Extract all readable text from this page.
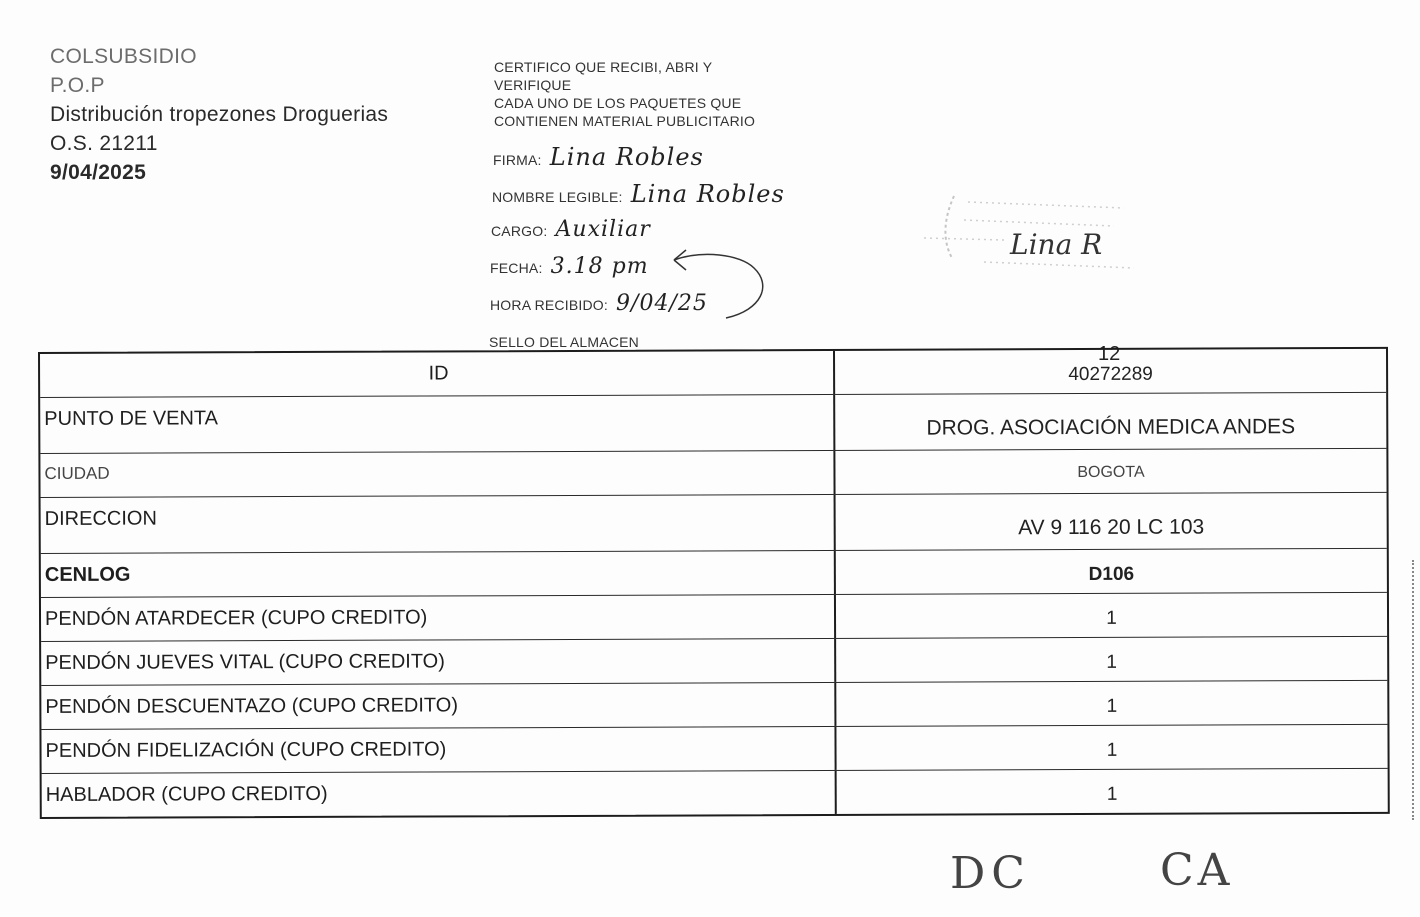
COLSUBSIDIO
P.O.P
Distribución tropezones Droguerias
O.S. 21211
9/04/2025
CERTIFICO QUE RECIBI, ABRI Y
VERIFIQUE
CADA UNO DE LOS PAQUETES QUE
CONTIENEN MATERIAL PUBLICITARIO
FIRMA: Lina Robles
NOMBRE LEGIBLE: Lina Robles
CARGO: Auxiliar
FECHA: 3.18 pm
HORA RECIBIDO: 9/04/25
SELLO DEL ALMACEN
Lina R
12
ID	40272289
PUNTO DE VENTA	DROG. ASOCIACIÓN MEDICA ANDES
CIUDAD	BOGOTA
DIRECCION	AV 9 116 20 LC 103
CENLOG	D106
PENDÓN ATARDECER (CUPO CREDITO)	1
PENDÓN JUEVES VITAL (CUPO CREDITO)	1
PENDÓN DESCUENTAZO (CUPO CREDITO)	1
PENDÓN FIDELIZACIÓN (CUPO CREDITO)	1
HABLADOR (CUPO CREDITO)	1
DC	CA
